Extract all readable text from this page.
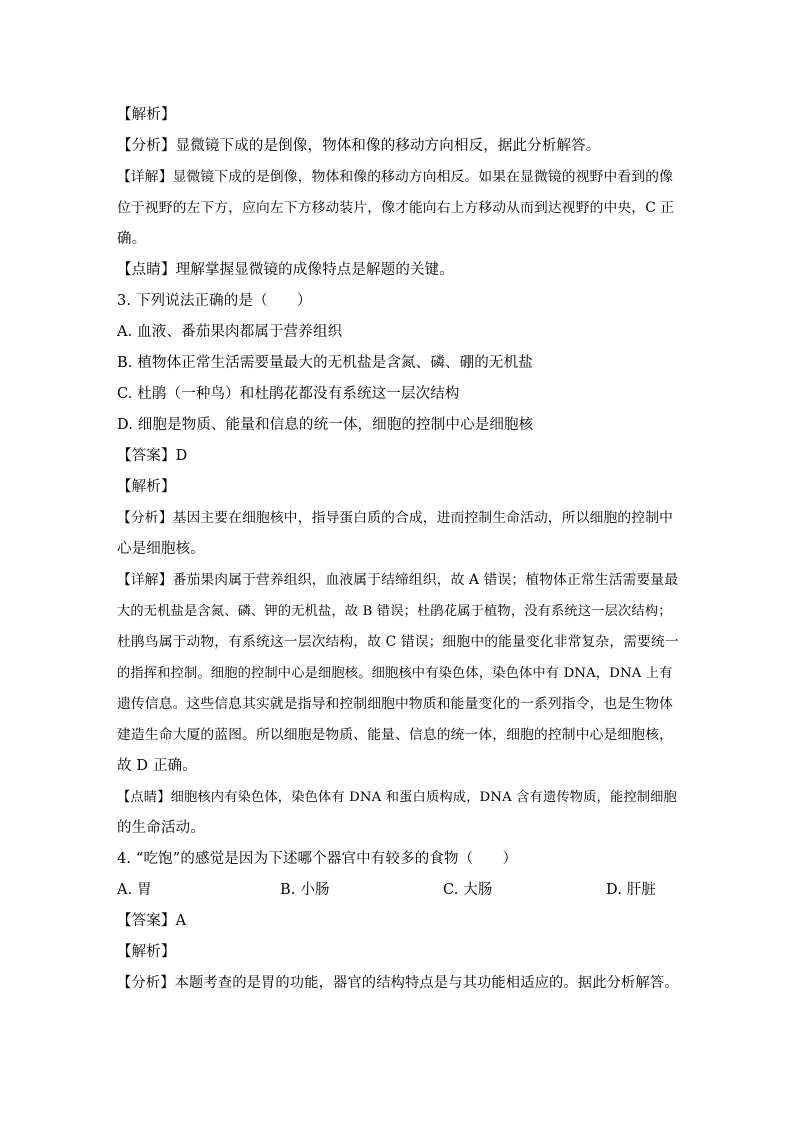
【解析】
【分析】显微镜下成的是倒像，物体和像的移动方向相反，据此分析解答。
【详解】显微镜下成的是倒像，物体和像的移动方向相反。如果在显微镜的视野中看到的像
位于视野的左下方，应向左下方移动装片，像才能向右上方移动从而到达视野的中央，C 正
确。
【点睛】理解掌握显微镜的成像特点是解题的关键。
3. 下列说法正确的是（　　）
A. 血液、番茄果肉都属于营养组织
B. 植物体正常生活需要量最大的无机盐是含氮、磷、硼的无机盐
C. 杜鹃（一种鸟）和杜鹃花都没有系统这一层次结构
D. 细胞是物质、能量和信息的统一体，细胞的控制中心是细胞核
【答案】D
【解析】
【分析】基因主要在细胞核中，指导蛋白质的合成，进而控制生命活动，所以细胞的控制中
心是细胞核。
【详解】番茄果肉属于营养组织，血液属于结缔组织，故 A 错误；植物体正常生活需要量最
大的无机盐是含氮、磷、钾的无机盐，故 B 错误；杜鹃花属于植物，没有系统这一层次结构；
杜鹃鸟属于动物，有系统这一层次结构，故 C 错误；细胞中的能量变化非常复杂，需要统一
的指挥和控制。细胞的控制中心是细胞核。细胞核中有染色体，染色体中有 DNA，DNA 上有
遗传信息。这些信息其实就是指导和控制细胞中物质和能量变化的一系列指令，也是生物体
建造生命大厦的蓝图。所以细胞是物质、能量、信息的统一体，细胞的控制中心是细胞核，
故 D 正确。
【点睛】细胞核内有染色体，染色体有 DNA 和蛋白质构成，DNA 含有遗传物质，能控制细胞
的生命活动。
4. “吃饱”的感觉是因为下述哪个器官中有较多的食物（　　）
A. 胃	B. 小肠	C. 大肠	D. 肝脏
【答案】A
【解析】
【分析】本题考查的是胃的功能，器官的结构特点是与其功能相适应的。据此分析解答。
